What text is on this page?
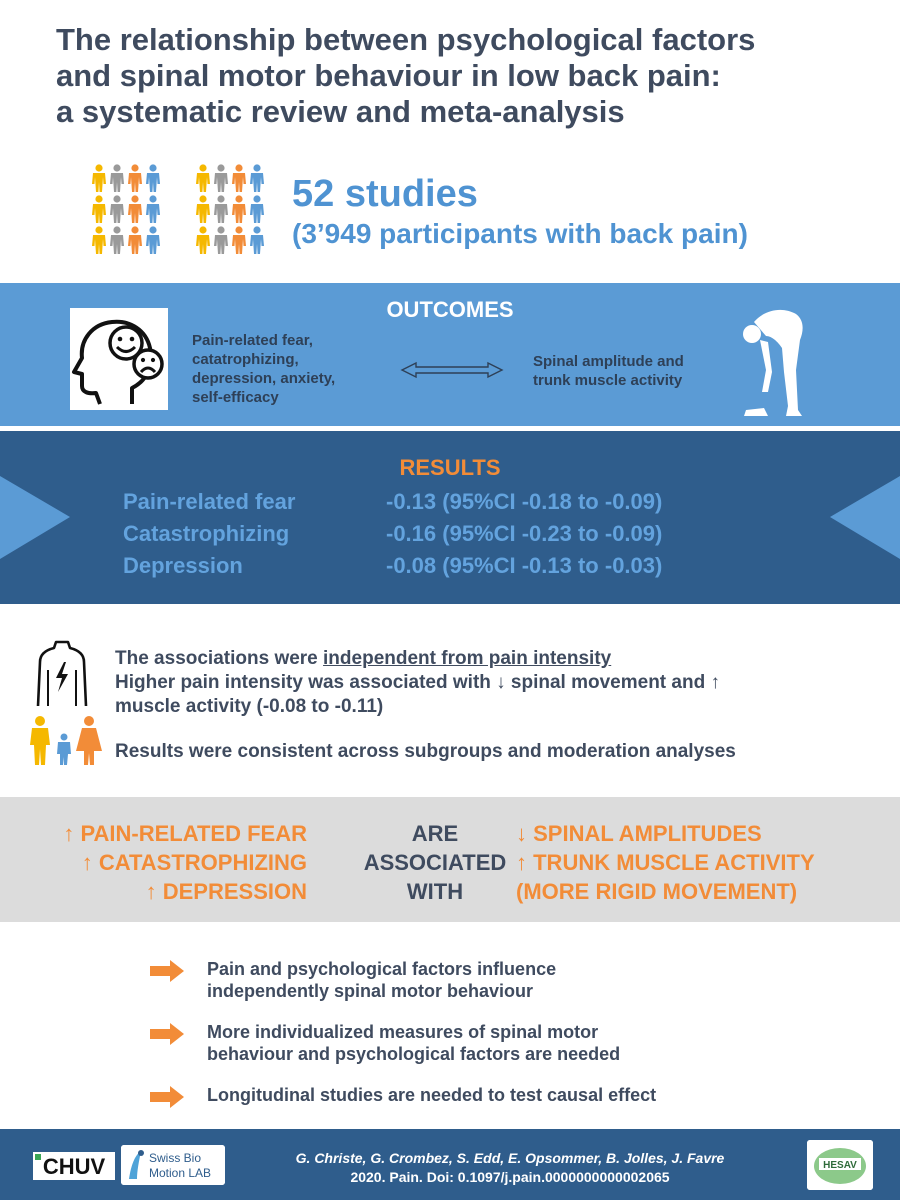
The relationship between psychological factors
and spinal motor behaviour in low back pain:
a systematic review and meta-analysis
52 studies
(3’949 participants with back pain)
OUTCOMES
Pain-related fear,
catatrophizing,
depression, anxiety,
self-efficacy
Spinal amplitude and
trunk muscle activity
RESULTS
Pain-related fear	-0.13 (95%CI -0.18 to -0.09)
Catastrophizing	-0.16 (95%CI -0.23 to -0.09)
Depression	-0.08 (95%CI -0.13 to -0.03)
The associations were independent from pain intensity
Higher pain intensity was associated with ↓ spinal movement and ↑
muscle activity (-0.08 to -0.11)
Results were consistent across subgroups and moderation analyses
↑ PAIN-RELATED FEAR
↑ CATASTROPHIZING
↑ DEPRESSION
ARE
ASSOCIATED
WITH
↓ SPINAL AMPLITUDES
↑ TRUNK MUSCLE ACTIVITY
(MORE RIGID MOVEMENT)
Pain and psychological factors influence
independently spinal motor behaviour
More individualized measures of spinal motor
behaviour and psychological factors are needed
Longitudinal studies are needed to test causal effect
CHUV	Swiss Bio
Motion LAB
G. Christe, G. Crombez, S. Edd, E. Opsommer, B. Jolles, J. Favre
2020. Pain. Doi: 0.1097/j.pain.0000000000002065
HESAV
